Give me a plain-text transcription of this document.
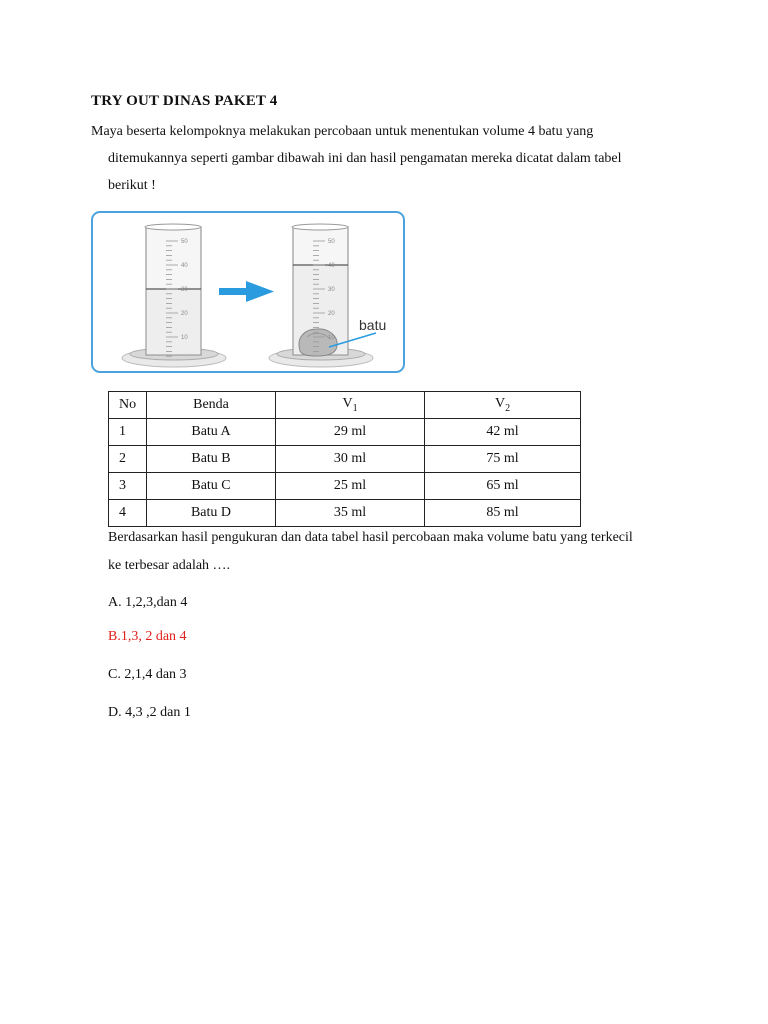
TRY OUT DINAS PAKET 4
Maya beserta kelompoknya melakukan percobaan untuk menentukan volume 4 batu yang
ditemukannya seperti gambar dibawah ini dan hasil pengamatan mereka dicatat dalam tabel
berikut !
50
40
30
20
10
50
40
30
20
10
batu
No	Benda	$V_1$	$V_2$
1	Batu A	29 ml	42 ml
2	Batu B	30 ml	75 ml
3	Batu C	25 ml	65 ml
4	Batu D	35 ml	85 ml
Berdasarkan hasil pengukuran dan data tabel hasil percobaan maka volume batu yang terkecil
ke terbesar adalah ….
A. 1,2,3,dan 4
B.1,3, 2 dan 4
C. 2,1,4 dan 3
D. 4,3 ,2 dan 1
